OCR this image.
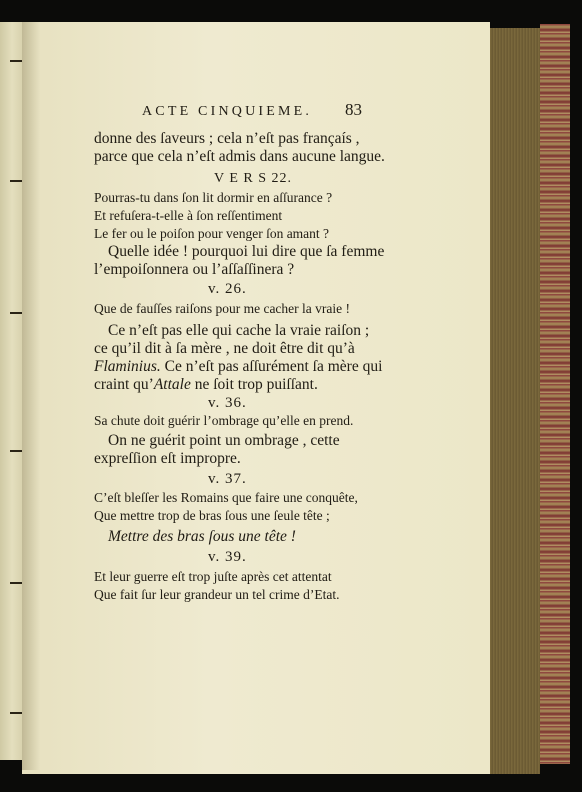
ACTE CINQUIEME. 83
donne des ſaveurs ; cela n’eſt pas françaís ,
parce que cela n’eſt admis dans aucune langue.
V E R S 22.
Pourras-tu dans ſon lit dormir en aſſurance ?
Et refuſera-t-elle à ſon reſſentiment
Le fer ou le poiſon pour venger ſon amant ?
Quelle idée ! pourquoi lui dire que ſa femme
l’empoiſonnera ou l’aſſaſſinera ?
v. 26.
Que de fauſſes raiſons pour me cacher la vraie !
Ce n’eſt pas elle qui cache la vraie raiſon ;
ce qu’il dit à ſa mère , ne doit être dit qu’à
Flaminius. Ce n’eſt pas aſſurément ſa mère qui
craint qu’Attale ne ſoit trop puiſſant.
v. 36.
Sa chute doit guérir l’ombrage qu’elle en prend.
On ne guérit point un ombrage , cette
expreſſion eſt impropre.
v. 37.
C’eſt bleſſer les Romains que faire une conquête,
Que mettre trop de bras ſous une ſeule tête ;
Mettre des bras ſous une tête !
v. 39.
Et leur guerre eſt trop juſte après cet attentat
Que fait ſur leur grandeur un tel crime d’Etat.
